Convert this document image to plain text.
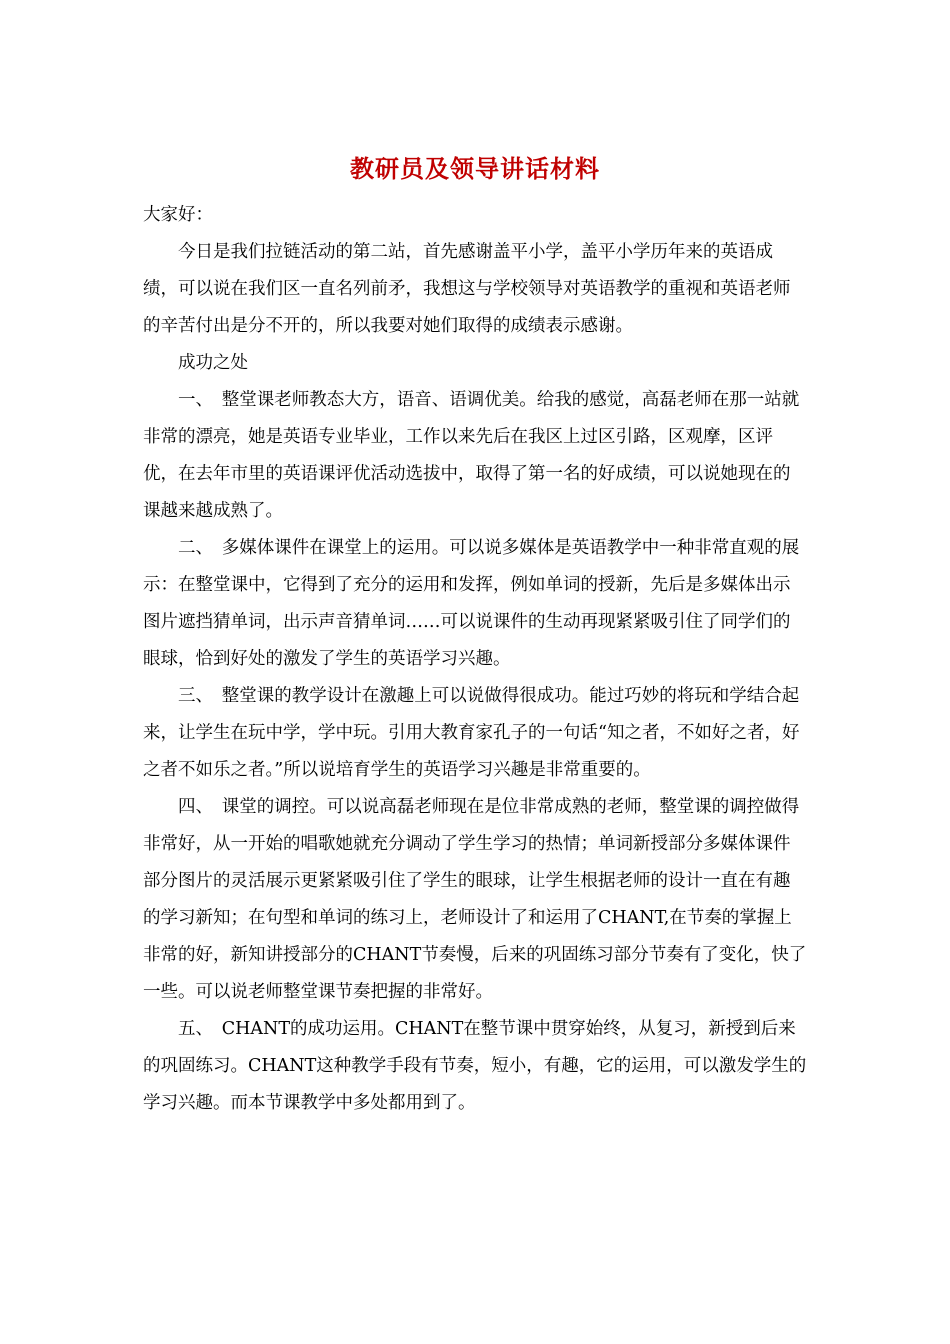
教研员及领导讲话材料

大家好：

今日是我们拉链活动的第二站，首先感谢盖平小学，盖平小学历年来的英语成绩，可以说在我们区一直名列前矛，我想这与学校领导对英语教学的重视和英语老师的辛苦付出是分不开的，所以我要对她们取得的成绩表示感谢。

成功之处

一、　整堂课老师教态大方，语音、语调优美。给我的感觉，高磊老师在那一站就非常的漂亮，她是英语专业毕业，工作以来先后在我区上过区引路，区观摩，区评优，在去年市里的英语课评优活动选拔中，取得了第一名的好成绩，可以说她现在的课越来越成熟了。

二、　多媒体课件在课堂上的运用。可以说多媒体是英语教学中一种非常直观的展示：在整堂课中，它得到了充分的运用和发挥，例如单词的授新，先后是多媒体出示图片遮挡猜单词，出示声音猜单词……可以说课件的生动再现紧紧吸引住了同学们的眼球，恰到好处的激发了学生的英语学习兴趣。

三、　整堂课的教学设计在激趣上可以说做得很成功。能过巧妙的将玩和学结合起来，让学生在玩中学，学中玩。引用大教育家孔子的一句话“知之者，不如好之者，好之者不如乐之者。”所以说培育学生的英语学习兴趣是非常重要的。

四、　课堂的调控。可以说高磊老师现在是位非常成熟的老师，整堂课的调控做得非常好，从一开始的唱歌她就充分调动了学生学习的热情；单词新授部分多媒体课件部分图片的灵活展示更紧紧吸引住了学生的眼球，让学生根据老师的设计一直在有趣的学习新知；在句型和单词的练习上，老师设计了和运用了CHANT,在节奏的掌握上非常的好，新知讲授部分的CHANT节奏慢，后来的巩固练习部分节奏有了变化，快了一些。可以说老师整堂课节奏把握的非常好。

五、　CHANT的成功运用。CHANT在整节课中贯穿始终，从复习，新授到后来的巩固练习。CHANT这种教学手段有节奏，短小，有趣，它的运用，可以激发学生的学习兴趣。而本节课教学中多处都用到了。
